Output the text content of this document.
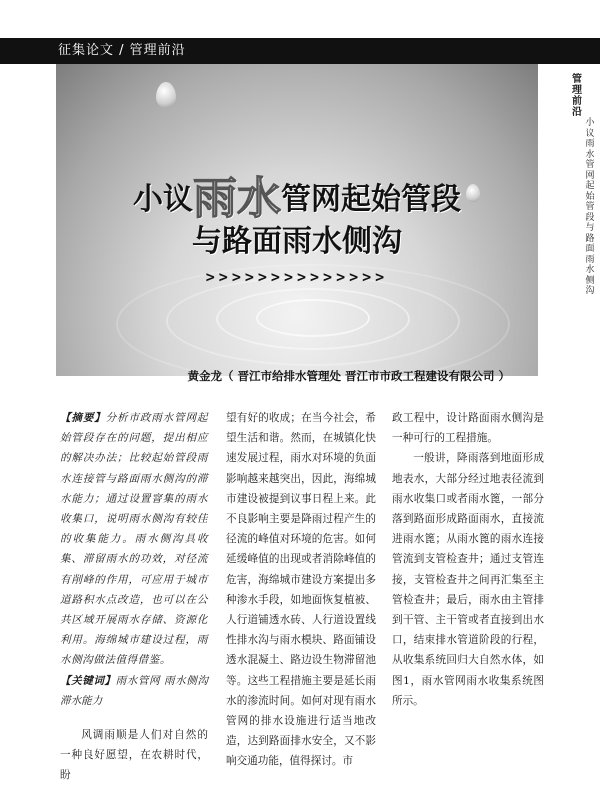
征集论文 / 管理前沿
小议雨水管网起始管段
与路面雨水侧沟
>>>>>>>>>>>>>>
管理前沿
小议雨水管网起始管段与路面雨水侧沟
黄金龙（ 晋江市给排水管理处 晋江市市政工程建设有限公司 ）

【摘要】分析市政雨水管网起始管段存在的问题，提出相应的解决办法；比较起始管段雨水连接管与路面雨水侧沟的滞水能力；通过设置窨集的雨水收集口，说明雨水侧沟有较佳的收集能力。雨水侧沟具收集、滞留雨水的功效，对径流有削峰的作用，可应用于城市道路积水点改造，也可以在公共区域开展雨水存储、资源化利用。海绵城市建设过程，雨水侧沟做法值得借鉴。

【关键词】雨水管网 雨水侧沟 滞水能力

风调雨顺是人们对自然的一种良好愿望，在农耕时代，盼

望有好的收成；在当今社会，希望生活和谐。然而，在城镇化快速发展过程，雨水对环境的负面影响越来越突出，因此，海绵城市建设被提到议事日程上来。此不良影响主要是降雨过程产生的径流的峰值对环境的危害。如何延缓峰值的出现或者消除峰值的危害，海绵城市建设方案提出多种渗水手段，如地面恢复植被、人行道铺透水砖、人行道设置线性排水沟与雨水模块、路面铺设透水混凝土、路边设生物滞留池等。这些工程措施主要是延长雨水的渗流时间。如何对现有雨水管网的排水设施进行适当地改造，达到路面排水安全，又不影响交通功能，值得探讨。市

政工程中，设计路面雨水侧沟是一种可行的工程措施。

一般讲，降雨落到地面形成地表水，大部分经过地表径流到雨水收集口或者雨水篦，一部分落到路面形成路面雨水，直接流进雨水篦；从雨水篦的雨水连接管流到支管检查井；通过支管连接，支管检查井之间再汇集至主管检查井；最后，雨水由主管排到干管、主干管或者直接到出水口，结束排水管道阶段的行程，从收集系统回归大自然水体，如图1，雨水管网雨水收集系统图所示。
